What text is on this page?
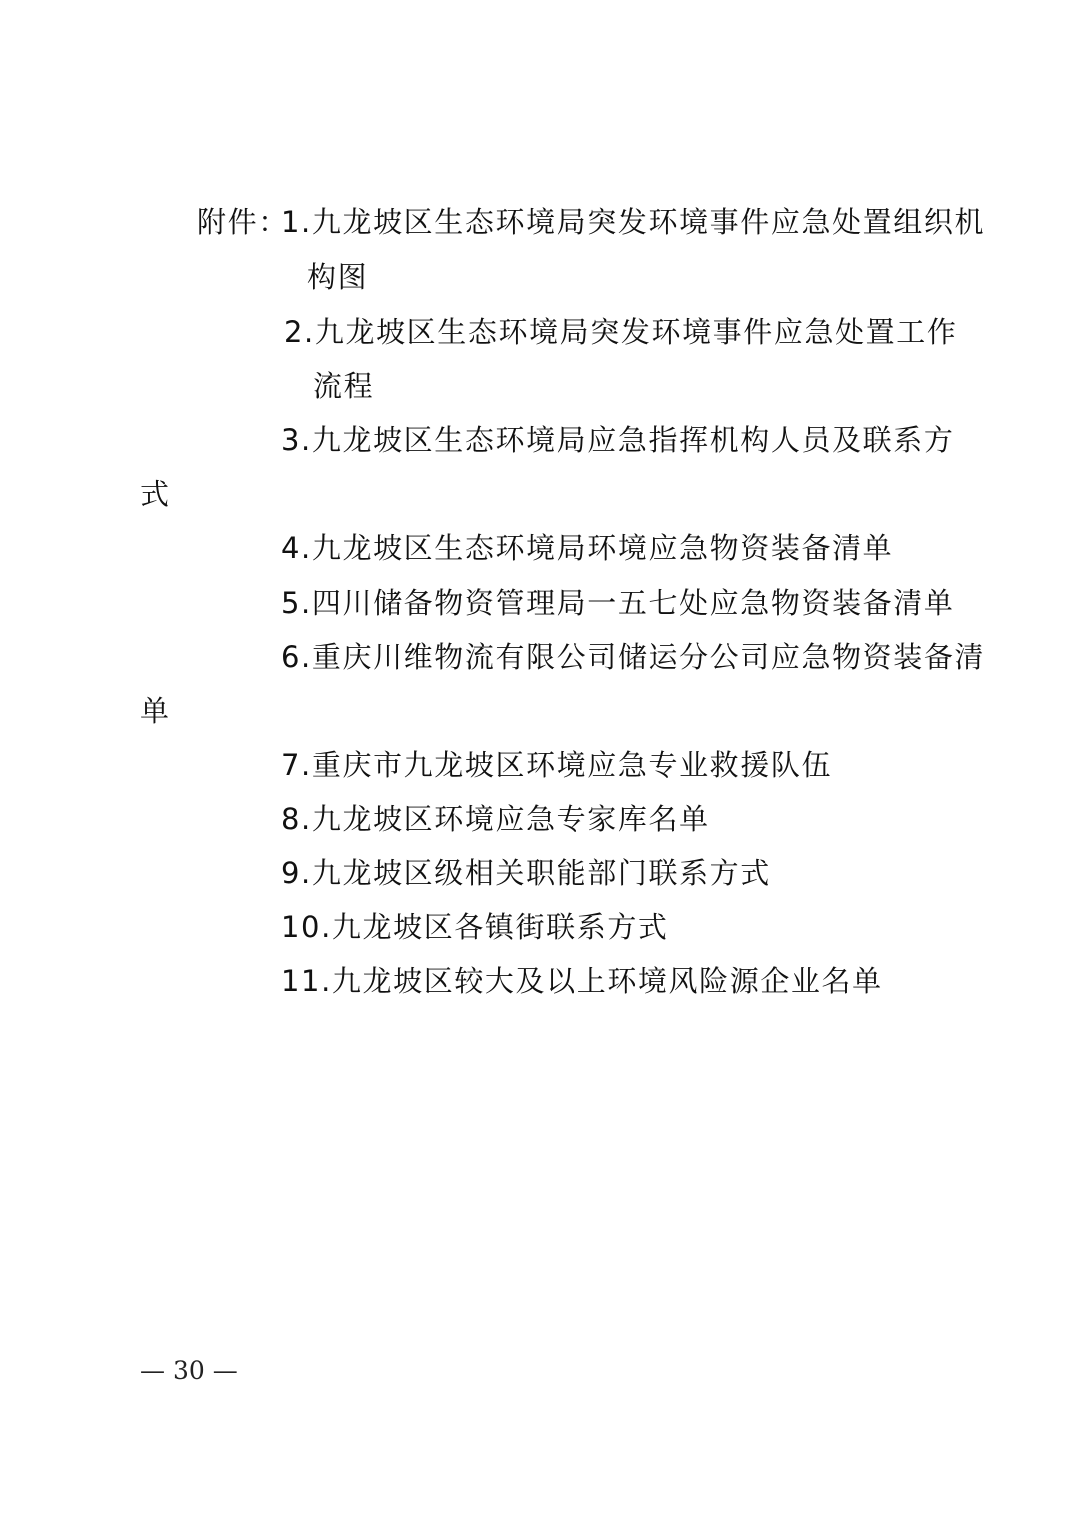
附件：
1.九龙坡区生态环境局突发环境事件应急处置组织机
构图
2.九龙坡区生态环境局突发环境事件应急处置工作
流程
3.九龙坡区生态环境局应急指挥机构人员及联系方
式
4.九龙坡区生态环境局环境应急物资装备清单
5.四川储备物资管理局一五七处应急物资装备清单
6.重庆川维物流有限公司储运分公司应急物资装备清
单
7.重庆市九龙坡区环境应急专业救援队伍
8.九龙坡区环境应急专家库名单
9.九龙坡区级相关职能部门联系方式
10.九龙坡区各镇街联系方式
11.九龙坡区较大及以上环境风险源企业名单
— 30 —
